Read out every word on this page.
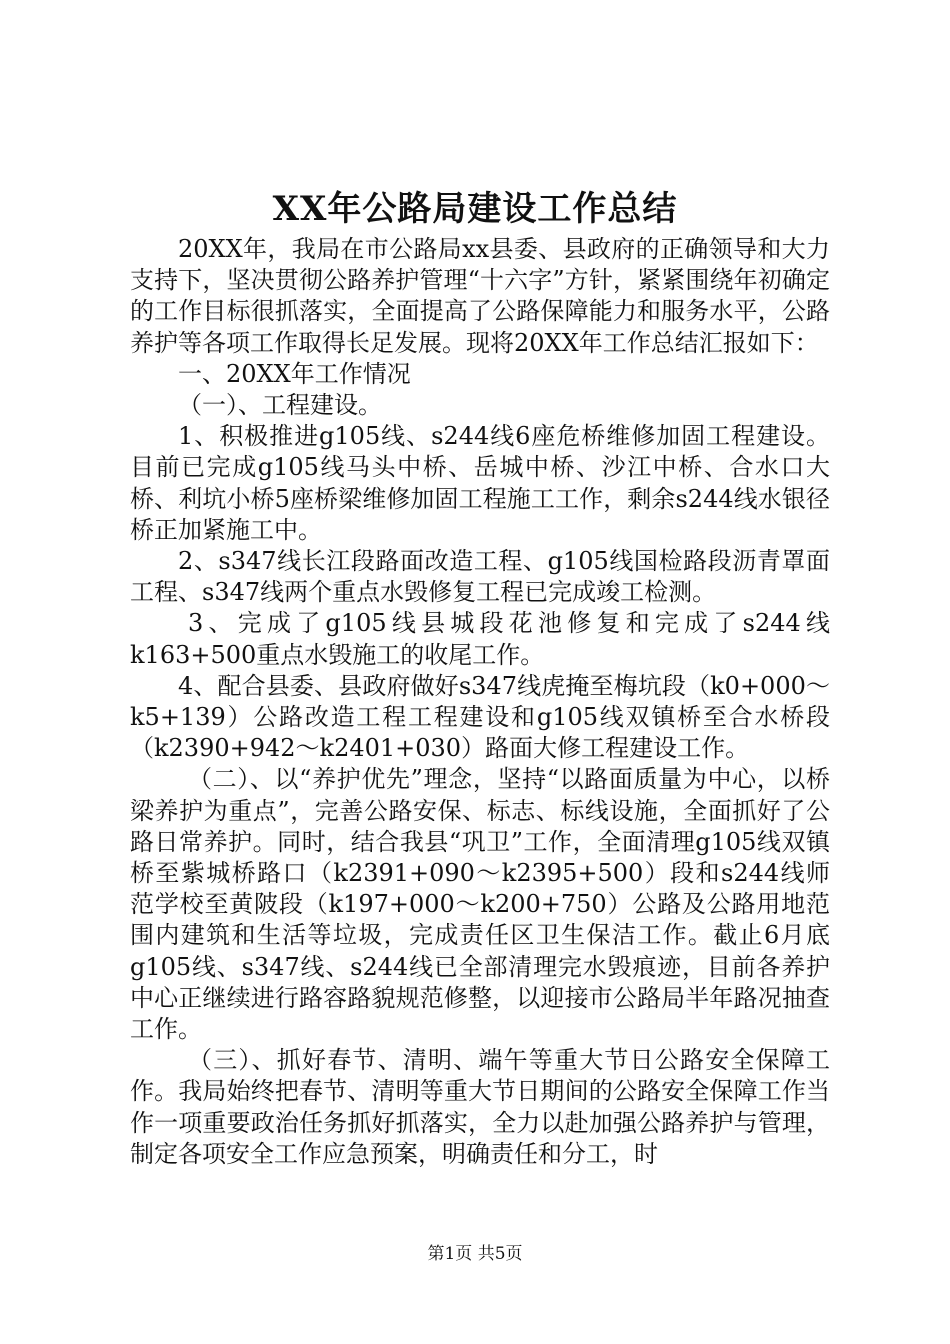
XX年公路局建设工作总结

20XX年，我局在市公路局xx县委、县政府的正确领导和大力支持下，坚决贯彻公路养护管理“十六字”方针，紧紧围绕年初确定的工作目标很抓落实，全面提高了公路保障能力和服务水平，公路养护等各项工作取得长足发展。现将20XX年工作总结汇报如下：

一、20XX年工作情况

（一）、工程建设。

1、积极推进g105线、s244线6座危桥维修加固工程建设。目前已完成g105线马头中桥、岳城中桥、沙江中桥、合水口大桥、利坑小桥5座桥梁维修加固工程施工工作，剩余s244线水银径桥正加紧施工中。

2、s347线长江段路面改造工程、g105线国检路段沥青罩面工程、s347线两个重点水毁修复工程已完成竣工检测。

3、完成了g105线县城段花池修复和完成了s244线k163+500重点水毁施工的收尾工作。

4、配合县委、县政府做好s347线虎掩至梅坑段（k0+000～k5+139）公路改造工程工程建设和g105线双镇桥至合水桥段（k2390+942～k2401+030）路面大修工程建设工作。

（二）、以“养护优先”理念，坚持“以路面质量为中心，以桥梁养护为重点”，完善公路安保、标志、标线设施，全面抓好了公路日常养护。同时，结合我县“巩卫”工作，全面清理g105线双镇桥至紫城桥路口（k2391+090～k2395+500）段和s244线师范学校至黄陂段（k197+000～k200+750）公路及公路用地范围内建筑和生活等垃圾，完成责任区卫生保洁工作。截止6月底g105线、s347线、s244线已全部清理完水毁痕迹，目前各养护中心正继续进行路容路貌规范修整，以迎接市公路局半年路况抽查工作。

（三）、抓好春节、清明、端午等重大节日公路安全保障工作。我局始终把春节、清明等重大节日期间的公路安全保障工作当作一项重要政治任务抓好抓落实，全力以赴加强公路养护与管理，制定各项安全工作应急预案，明确责任和分工，时

第1页 共5页
